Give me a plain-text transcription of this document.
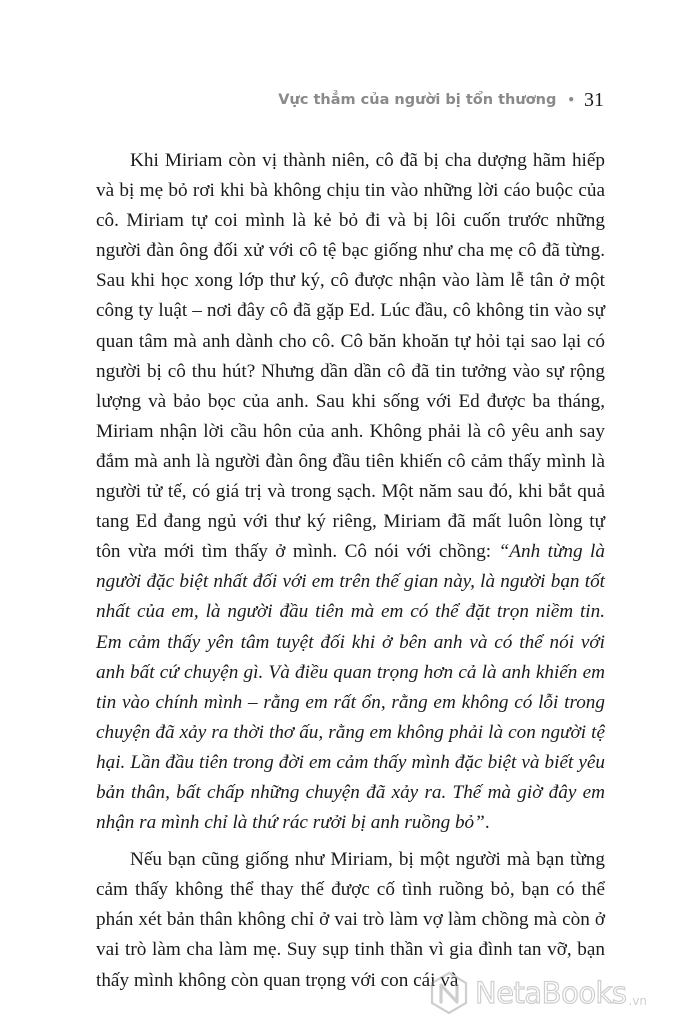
Vực thẳm của người bị tổn thương • 31

Khi Miriam còn vị thành niên, cô đã bị cha dượng hãm hiếp và bị mẹ bỏ rơi khi bà không chịu tin vào những lời cáo buộc của cô. Miriam tự coi mình là kẻ bỏ đi và bị lôi cuốn trước những người đàn ông đối xử với cô tệ bạc giống như cha mẹ cô đã từng. Sau khi học xong lớp thư ký, cô được nhận vào làm lễ tân ở một công ty luật – nơi đây cô đã gặp Ed. Lúc đầu, cô không tin vào sự quan tâm mà anh dành cho cô. Cô băn khoăn tự hỏi tại sao lại có người bị cô thu hút? Nhưng dần dần cô đã tin tưởng vào sự rộng lượng và bảo bọc của anh. Sau khi sống với Ed được ba tháng, Miriam nhận lời cầu hôn của anh. Không phải là cô yêu anh say đắm mà anh là người đàn ông đầu tiên khiến cô cảm thấy mình là người tử tế, có giá trị và trong sạch. Một năm sau đó, khi bắt quả tang Ed đang ngủ với thư ký riêng, Miriam đã mất luôn lòng tự tôn vừa mới tìm thấy ở mình. Cô nói với chồng: “Anh từng là người đặc biệt nhất đối với em trên thế gian này, là người bạn tốt nhất của em, là người đầu tiên mà em có thể đặt trọn niềm tin. Em cảm thấy yên tâm tuyệt đối khi ở bên anh và có thể nói với anh bất cứ chuyện gì. Và điều quan trọng hơn cả là anh khiến em tin vào chính mình – rằng em rất ổn, rằng em không có lỗi trong chuyện đã xảy ra thời thơ ấu, rằng em không phải là con người tệ hại. Lần đầu tiên trong đời em cảm thấy mình đặc biệt và biết yêu bản thân, bất chấp những chuyện đã xảy ra. Thế mà giờ đây em nhận ra mình chỉ là thứ rác rưởi bị anh ruồng bỏ”.

Nếu bạn cũng giống như Miriam, bị một người mà bạn từng cảm thấy không thể thay thế được cố tình ruồng bỏ, bạn có thể phán xét bản thân không chỉ ở vai trò làm vợ làm chồng mà còn ở vai trò làm cha làm mẹ. Suy sụp tinh thần vì gia đình tan vỡ, bạn thấy mình không còn quan trọng với con cái và NetaBooks .vn
